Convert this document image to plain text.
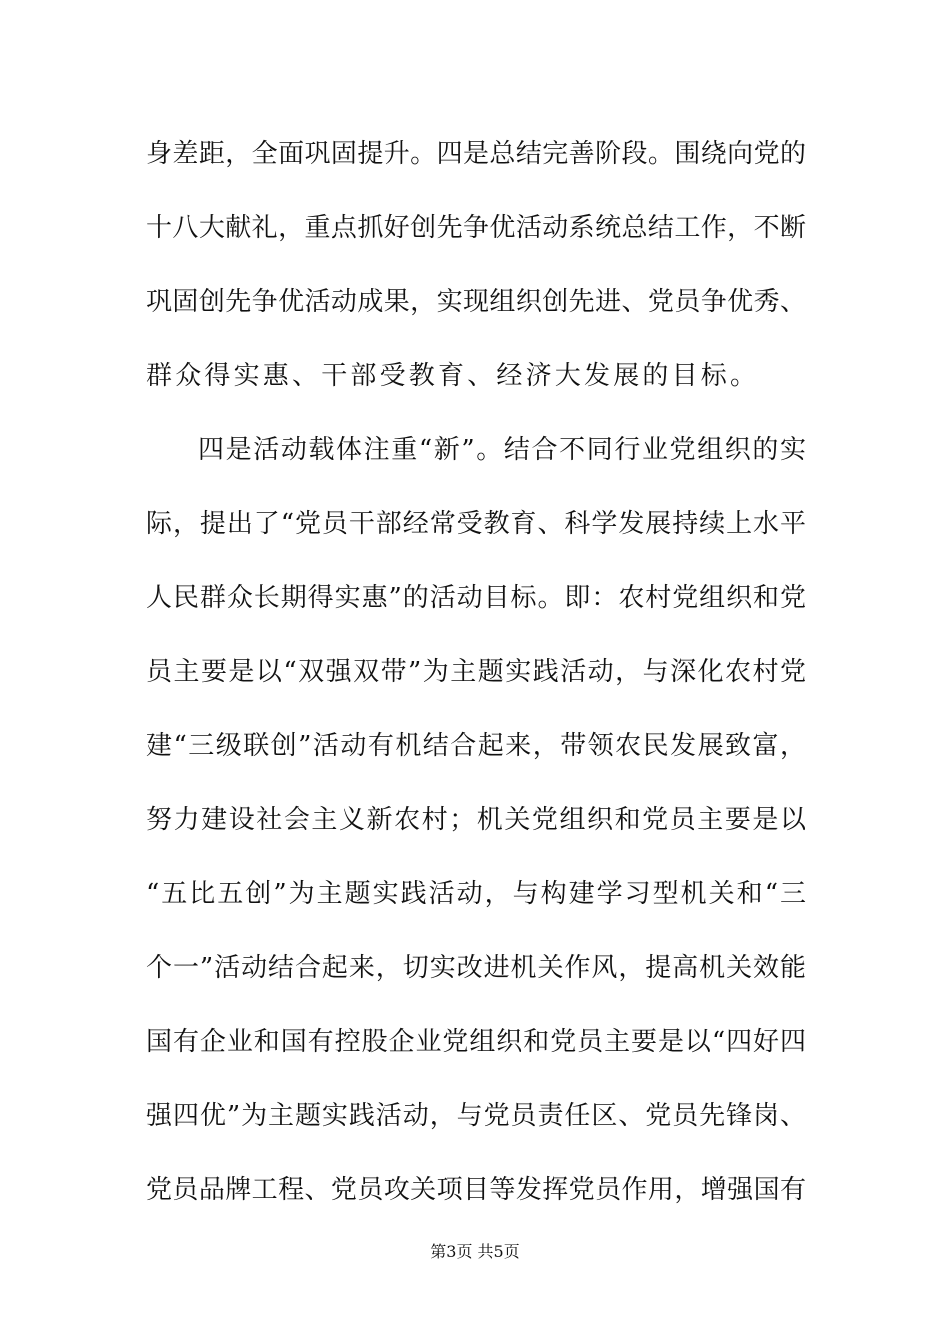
身差距，全面巩固提升。四是总结完善阶段。围绕向党的
十八大献礼，重点抓好创先争优活动系统总结工作，不断
巩固创先争优活动成果，实现组织创先进、党员争优秀、
群众得实惠、干部受教育、经济大发展的目标。
四是活动载体注重“新”。结合不同行业党组织的实
际，提出了“党员干部经常受教育、科学发展持续上水平
人民群众长期得实惠”的活动目标。即：农村党组织和党
员主要是以“双强双带”为主题实践活动，与深化农村党
建“三级联创”活动有机结合起来，带领农民发展致富，
努力建设社会主义新农村；机关党组织和党员主要是以
“五比五创”为主题实践活动，与构建学习型机关和“三
个一”活动结合起来，切实改进机关作风，提高机关效能
国有企业和国有控股企业党组织和党员主要是以“四好四
强四优”为主题实践活动，与党员责任区、党员先锋岗、
党员品牌工程、党员攻关项目等发挥党员作用，增强国有
第3页 共5页
